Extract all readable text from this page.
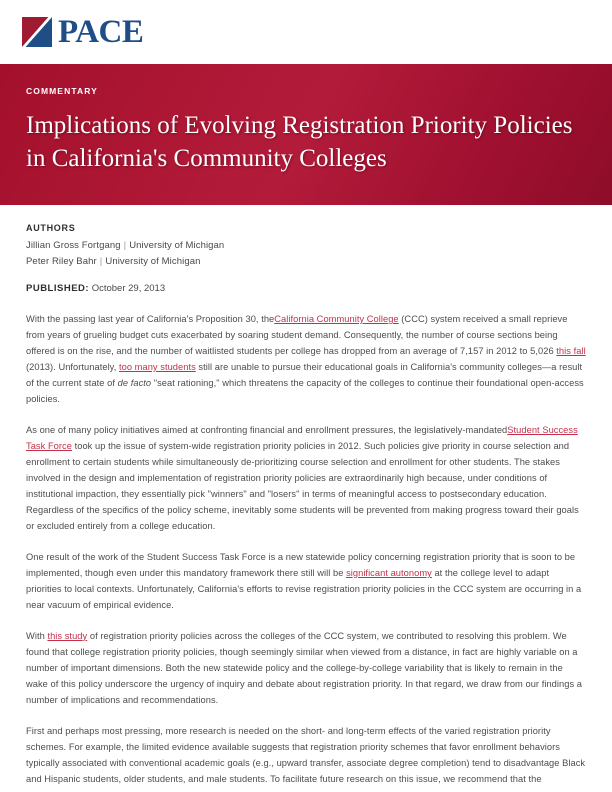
PACE
COMMENTARY
Implications of Evolving Registration Priority Policies in California's Community Colleges
AUTHORS
Jillian Gross Fortgang | University of Michigan
Peter Riley Bahr | University of Michigan
PUBLISHED: October 29, 2013

With the passing last year of California's Proposition 30, theCalifornia Community College (CCC) system received a small reprieve from years of grueling budget cuts exacerbated by soaring student demand. Consequently, the number of course sections being offered is on the rise, and the number of waitlisted students per college has dropped from an average of 7,157 in 2012 to 5,026 this fall (2013). Unfortunately, too many students still are unable to pursue their educational goals in California's community colleges—a result of the current state of de facto "seat rationing," which threatens the capacity of the colleges to continue their foundational open-access policies.

As one of many policy initiatives aimed at confronting financial and enrollment pressures, the legislatively-mandatedStudent Success Task Force took up the issue of system-wide registration priority policies in 2012. Such policies give priority in course selection and enrollment to certain students while simultaneously de-prioritizing course selection and enrollment for other students. The stakes involved in the design and implementation of registration priority policies are extraordinarily high because, under conditions of institutional impaction, they essentially pick "winners" and "losers" in terms of meaningful access to postsecondary education. Regardless of the specifics of the policy scheme, inevitably some students will be prevented from making progress toward their goals or excluded entirely from a college education.

One result of the work of the Student Success Task Force is a new statewide policy concerning registration priority that is soon to be implemented, though even under this mandatory framework there still will be significant autonomy at the college level to adapt priorities to local contexts. Unfortunately, California's efforts to revise registration priority policies in the CCC system are occurring in a near vacuum of empirical evidence.

With this study of registration priority policies across the colleges of the CCC system, we contributed to resolving this problem. We found that college registration priority policies, though seemingly similar when viewed from a distance, in fact are highly variable on a number of important dimensions. Both the new statewide policy and the college-by-college variability that is likely to remain in the wake of this policy underscore the urgency of inquiry and debate about registration priority. In that regard, we draw from our findings a number of implications and recommendations.

First and perhaps most pressing, more research is needed on the short- and long-term effects of the varied registration priority schemes. For example, the limited evidence available suggests that registration priority schemes that favor enrollment behaviors typically associated with conventional academic goals (e.g., upward transfer, associate degree completion) tend to disadvantage Black and Hispanic students, older students, and male students. To facilitate future research on this issue, we recommend that the
